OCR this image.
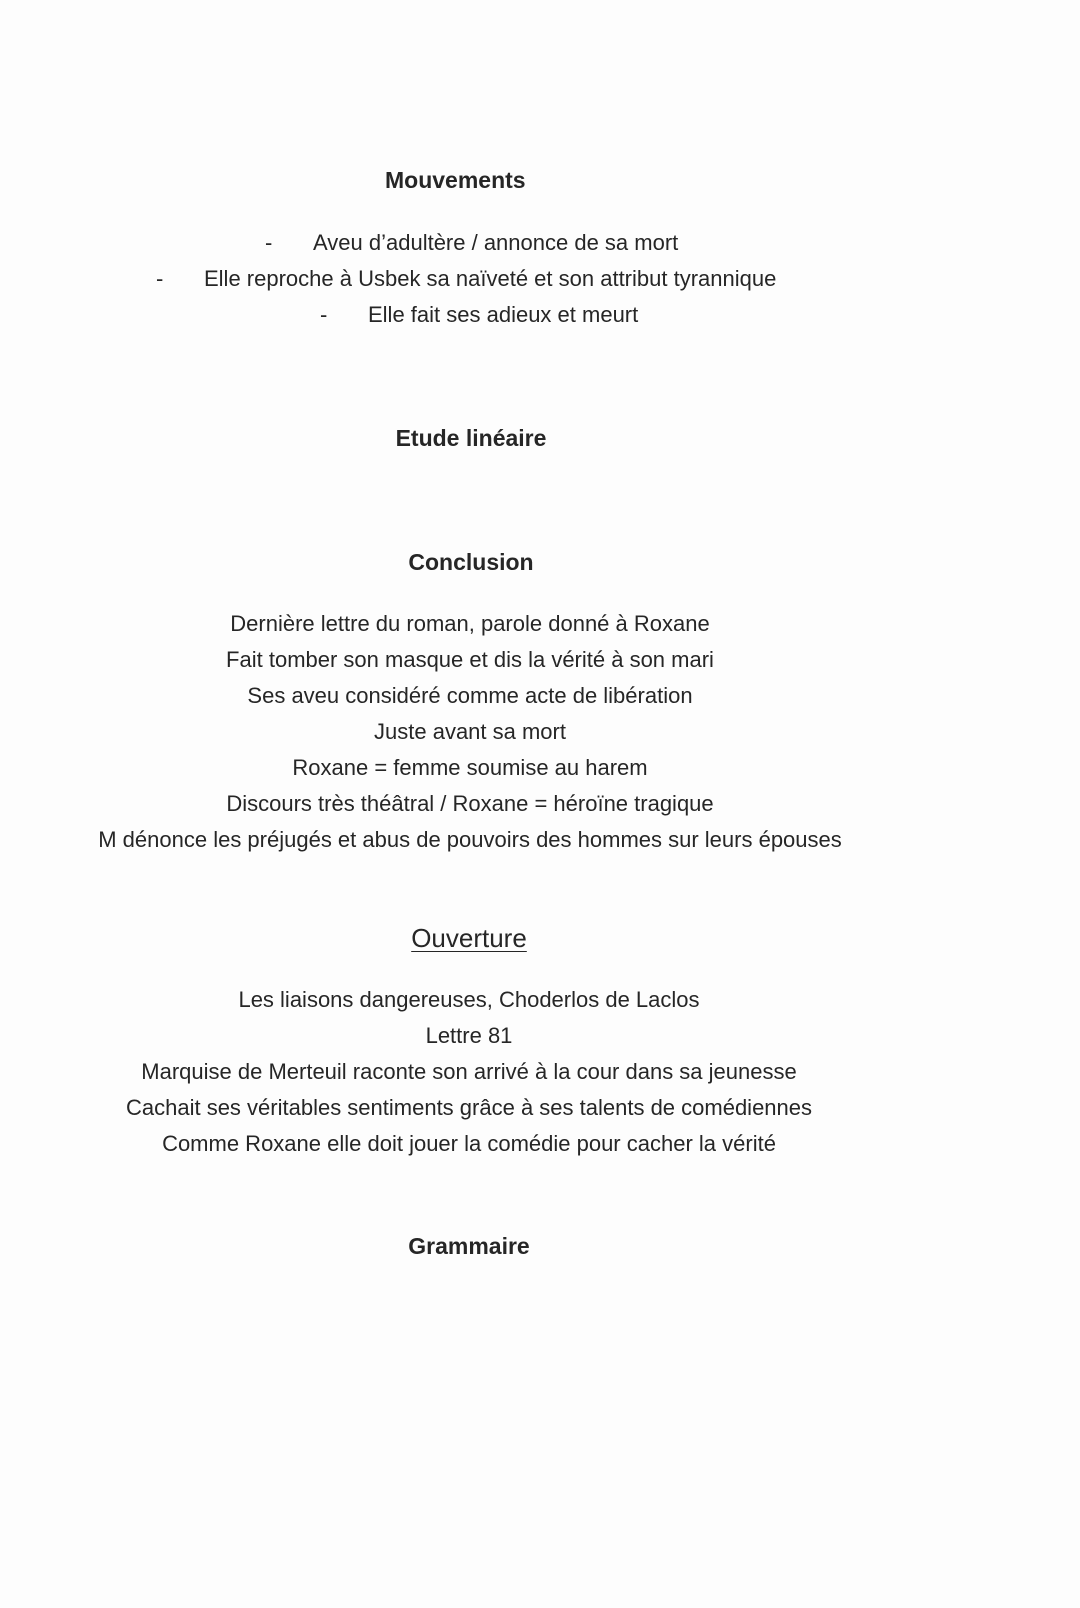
Mouvements
- Aveu d’adultère / annonce de sa mort
- Elle reproche à Usbek sa naïveté et son attribut tyrannique
- Elle fait ses adieux et meurt
Etude linéaire
Conclusion
Dernière lettre du roman, parole donné à Roxane
Fait tomber son masque et dis la vérité à son mari
Ses aveu considéré comme acte de libération
Juste avant sa mort
Roxane = femme soumise au harem
Discours très théâtral / Roxane = héroïne tragique
M dénonce les préjugés et abus de pouvoirs des hommes sur leurs épouses
Ouverture
Les liaisons dangereuses, Choderlos de Laclos
Lettre 81
Marquise de Merteuil raconte son arrivé à la cour dans sa jeunesse
Cachait ses véritables sentiments grâce à ses talents de comédiennes
Comme Roxane elle doit jouer la comédie pour cacher la vérité
Grammaire
